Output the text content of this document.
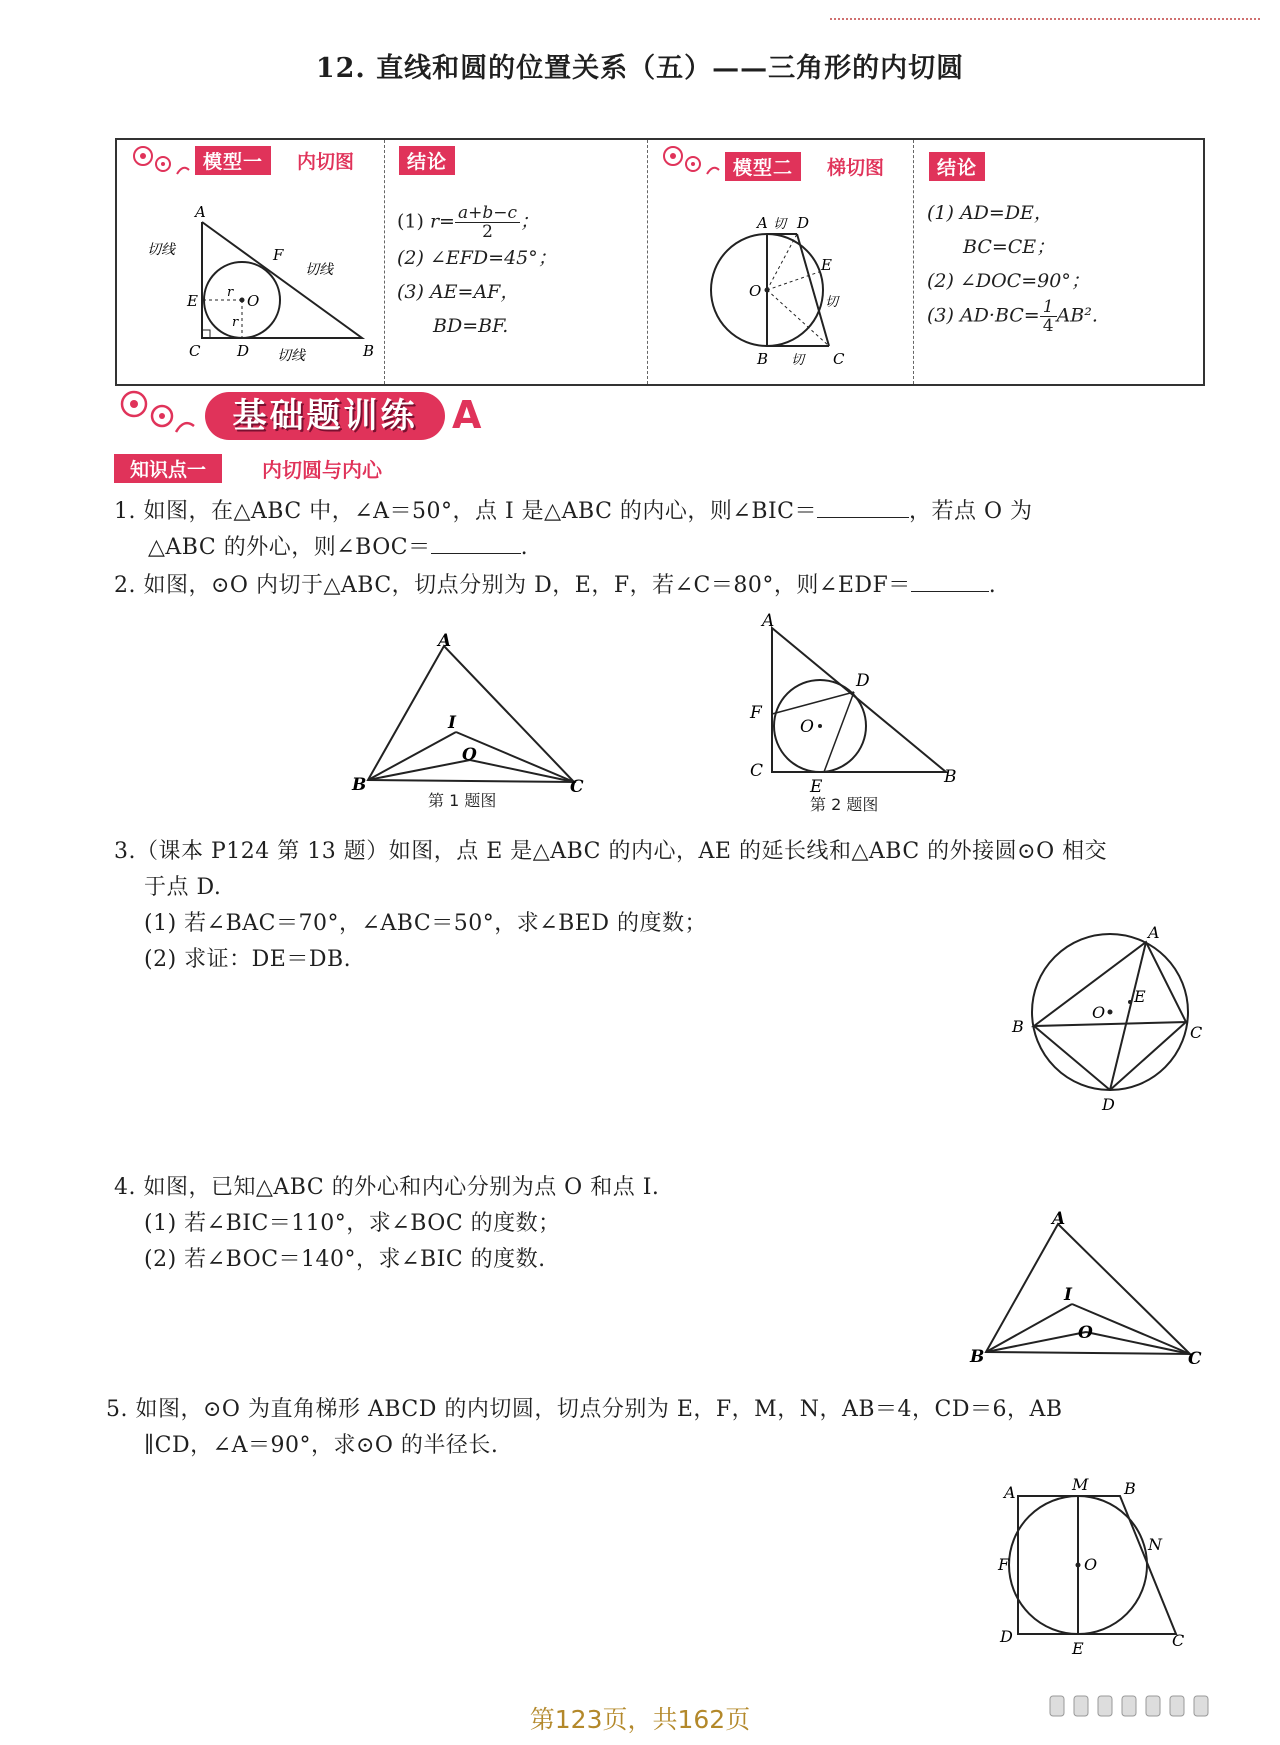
12. 直线和圆的位置关系（五）——三角形的内切圆
模型一	内切图
A
B
C D
E
F
O
r
r
切线
切线
切线
结论
(1) $r= \frac{a+b-c}{2}$ ；
(2) ∠EFD=45°；
(3) AE=AF，
BD=BF.
模型二	梯切图
A D
B	C
E
O
切
切
切
结论
(1) AD=DE，
BC=CE；
(2) ∠DOC=90°；
(3) $AD\cdot BC= \frac{1}{4} AB^2$.
基础题训练 A
知识点一	内切圆与内心
1. 如图，在△ABC 中，∠A＝50°，点 I 是△ABC 的内心，则∠BIC＝	，若点 O 为
△ABC 的外心，则∠BOC＝	.
2. 如图，⊙O 内切于△ABC，切点分别为 D，E，F，若∠C＝80°，则∠EDF＝	.
A
B	C
I
O
第 1 题图
A
D
F
O
C	B
E
第 2 题图
3.（课本 P124 第 13 题）如图，点 E 是△ABC 的内心，AE 的延长线和△ABC 的外接圆⊙O 相交
于点 D.
(1) 若∠BAC＝70°，∠ABC＝50°，求∠BED 的度数；
(2) 求证：DE＝DB.
A
B	C
D
E
O
4. 如图，已知△ABC 的外心和内心分别为点 O 和点 I.
(1) 若∠BIC＝110°，求∠BOC 的度数；
(2) 若∠BOC＝140°，求∠BIC 的度数.
A
B	C
I
O
5. 如图，⊙O 为直角梯形 ABCD 的内切圆，切点分别为 E，F，M，N，AB＝4，CD＝6，AB
∥CD，∠A＝90°，求⊙O 的半径长.
A	M B
N
F	O
D
E	C
第123页，共162页
